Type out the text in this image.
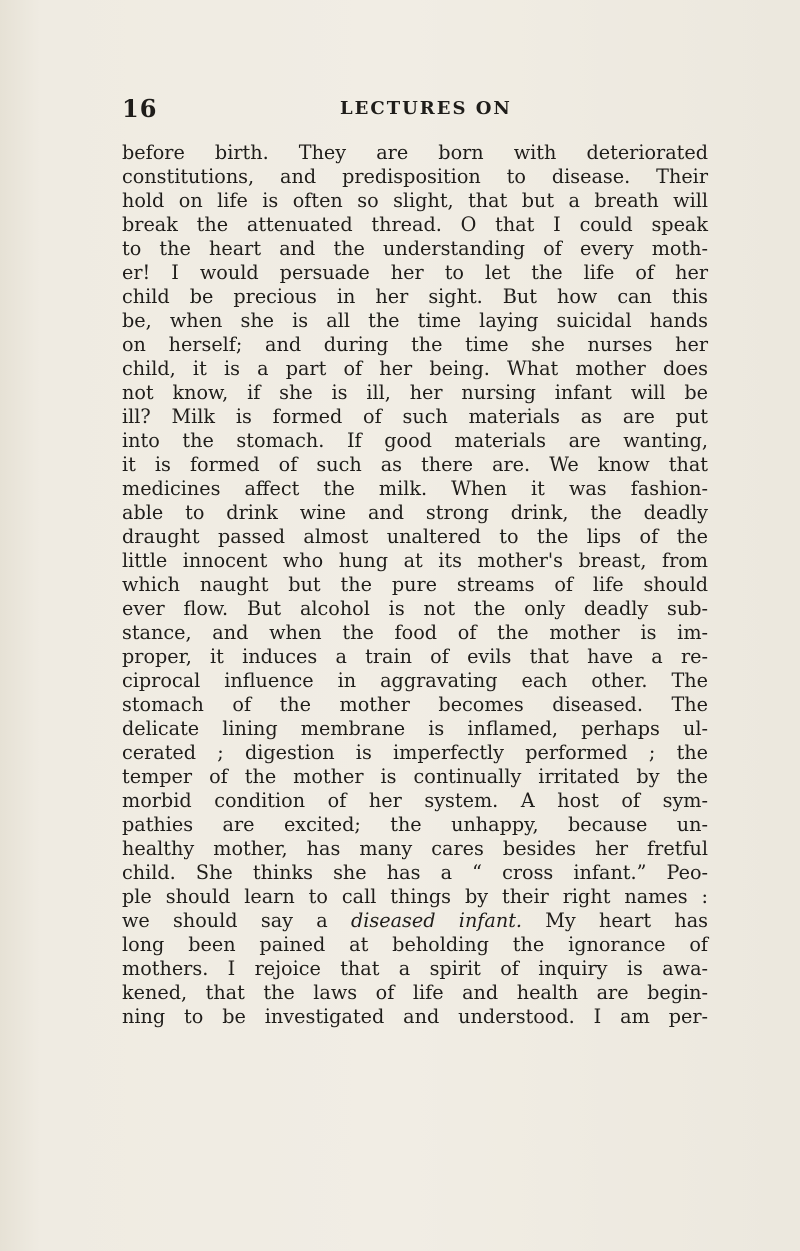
16	LECTURES ON
before birth. They are born with deteriorated
constitutions, and predisposition to disease. Their
hold on life is often so slight, that but a breath will
break the attenuated thread. O that I could speak
to the heart and the understanding of every moth-
er! I would persuade her to let the life of her
child be precious in her sight. But how can this
be, when she is all the time laying suicidal hands
on herself; and during the time she nurses her
child, it is a part of her being. What mother does
not know, if she is ill, her nursing infant will be
ill? Milk is formed of such materials as are put
into the stomach. If good materials are wanting,
it is formed of such as there are. We know that
medicines affect the milk. When it was fashion-
able to drink wine and strong drink, the deadly
draught passed almost unaltered to the lips of the
little innocent who hung at its mother's breast, from
which naught but the pure streams of life should
ever flow. But alcohol is not the only deadly sub-
stance, and when the food of the mother is im-
proper, it induces a train of evils that have a re-
ciprocal influence in aggravating each other. The
stomach of the mother becomes diseased. The
delicate lining membrane is inflamed, perhaps ul-
cerated ; digestion is imperfectly performed ; the
temper of the mother is continually irritated by the
morbid condition of her system. A host of sym-
pathies are excited; the unhappy, because un-
healthy mother, has many cares besides her fretful
child. She thinks she has a “ cross infant.” Peo-
ple should learn to call things by their right names :
we should say a diseased infant. My heart has
long been pained at beholding the ignorance of
mothers. I rejoice that a spirit of inquiry is awa-
kened, that the laws of life and health are begin-
ning to be investigated and understood. I am per-
